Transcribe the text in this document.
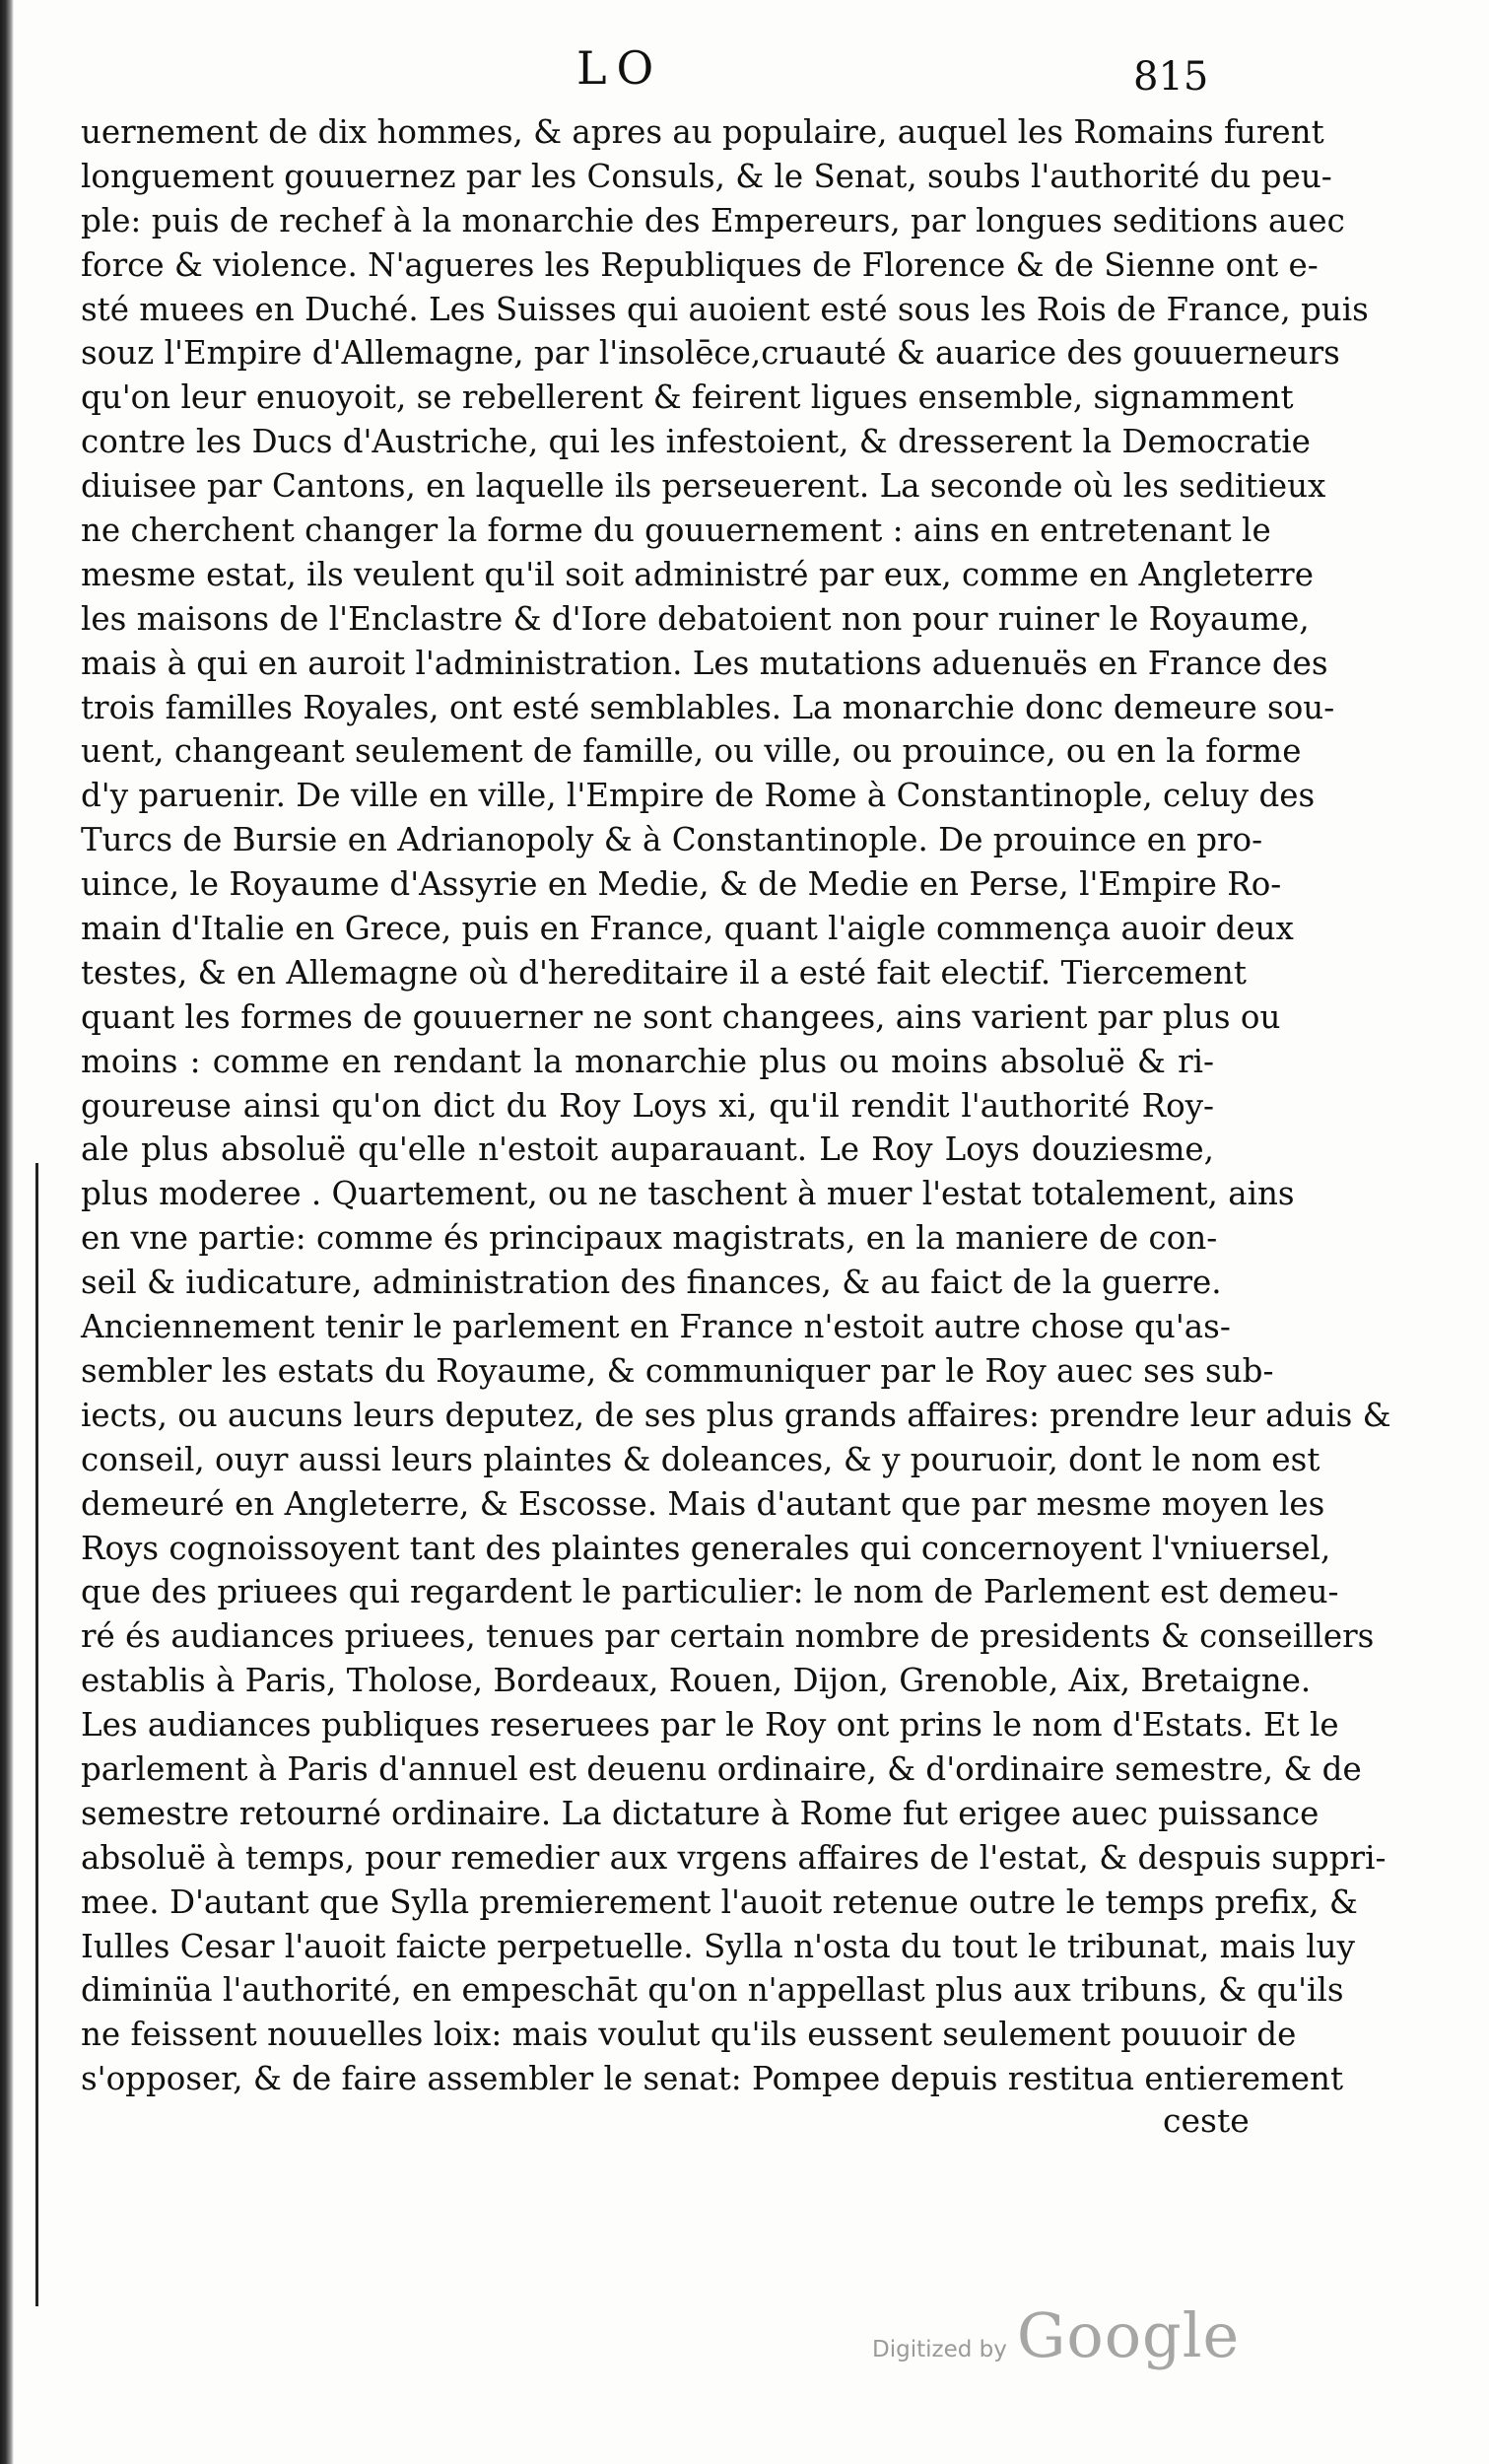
LO	815
uernement de dix hommes, & apres au populaire, auquel les Romains furent
longuement gouuernez par les Consuls, & le Senat, soubs l'authorité du peu-
ple: puis de rechef à la monarchie des Empereurs, par longues seditions auec
force & violence. N'agueres les Republiques de Florence & de Sienne ont e-
sté muees en Duché. Les Suisses qui auoient esté sous les Rois de France, puis
souz l'Empire d'Allemagne, par l'insolēce,cruauté & auarice des gouuerneurs
qu'on leur enuoyoit, se rebellerent & feirent ligues ensemble, signamment
contre les Ducs d'Austriche, qui les infestoient, & dresserent la Democratie
diuisee par Cantons, en laquelle ils perseuerent. La seconde où les seditieux
ne cherchent changer la forme du gouuernement : ains en entretenant le
mesme estat, ils veulent qu'il soit administré par eux, comme en Angleterre
les maisons de l'Enclastre & d'Iore debatoient non pour ruiner le Royaume,
mais à qui en auroit l'administration. Les mutations aduenuës en France des
trois familles Royales, ont esté semblables. La monarchie donc demeure sou-
uent, changeant seulement de famille, ou ville, ou prouince, ou en la forme
d'y paruenir. De ville en ville, l'Empire de Rome à Constantinople, celuy des
Turcs de Bursie en Adrianopoly & à Constantinople. De prouince en pro-
uince, le Royaume d'Assyrie en Medie, & de Medie en Perse, l'Empire Ro-
main d'Italie en Grece, puis en France, quant l'aigle commença auoir deux
testes, & en Allemagne où d'hereditaire il a esté fait electif. Tiercement
quant les formes de gouuerner ne sont changees, ains varient par plus ou
moins : comme en rendant la monarchie plus ou moins absoluë & ri-
goureuse ainsi qu'on dict du Roy Loys xi, qu'il rendit l'authorité Roy-
ale plus absoluë qu'elle n'estoit auparauant. Le Roy Loys douziesme,
plus moderee . Quartement, ou ne taschent à muer l'estat totalement, ains
en vne partie: comme és principaux magistrats, en la maniere de con-
seil & iudicature, administration des finances, & au faict de la guerre.
Anciennement tenir le parlement en France n'estoit autre chose qu'as-
sembler les estats du Royaume, & communiquer par le Roy auec ses sub-
iects, ou aucuns leurs deputez, de ses plus grands affaires: prendre leur aduis &
conseil, ouyr aussi leurs plaintes & doleances, & y pouruoir, dont le nom est
demeuré en Angleterre, & Escosse. Mais d'autant que par mesme moyen les
Roys cognoissoyent tant des plaintes generales qui concernoyent l'vniuersel,
que des priuees qui regardent le particulier: le nom de Parlement est demeu-
ré és audiances priuees, tenues par certain nombre de presidents & conseillers
establis à Paris, Tholose, Bordeaux, Rouen, Dijon, Grenoble, Aix, Bretaigne.
Les audiances publiques reseruees par le Roy ont prins le nom d'Estats. Et le
parlement à Paris d'annuel est deuenu ordinaire, & d'ordinaire semestre, & de
semestre retourné ordinaire. La dictature à Rome fut erigee auec puissance
absoluë à temps, pour remedier aux vrgens affaires de l'estat, & despuis suppri-
mee. D'autant que Sylla premierement l'auoit retenue outre le temps prefix, &
Iulles Cesar l'auoit faicte perpetuelle. Sylla n'osta du tout le tribunat, mais luy
diminüa l'authorité, en empeschāt qu'on n'appellast plus aux tribuns, & qu'ils
ne feissent nouuelles loix: mais voulut qu'ils eussent seulement pouuoir de
s'opposer, & de faire assembler le senat: Pompee depuis restitua entierement
ceste
Digitized by Google
